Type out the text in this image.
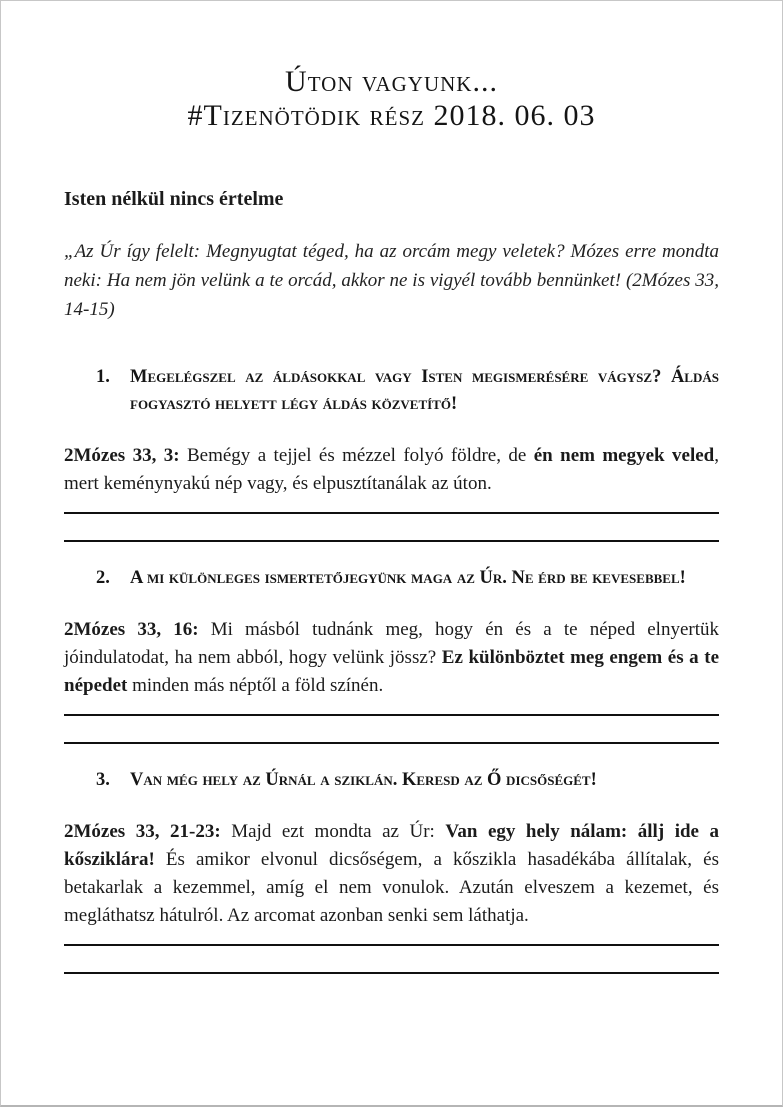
Úton vagyunk...
#Tizenötödik rész 2018. 06. 03
Isten nélkül nincs értelme

„Az Úr így felelt: Megnyugtat téged, ha az orcám megy veletek? Mózes erre mondta neki: Ha nem jön velünk a te orcád, akkor ne is vigyél tovább bennünket! (2Mózes 33, 14-15)

1. Megelégszel az áldásokkal vagy Isten megismerésére vágysz? Áldás fogyasztó helyett légy áldás közvetítő!

2Mózes 33, 3: Bemégy a tejjel és mézzel folyó földre, de én nem megyek veled, mert keménynyakú nép vagy, és elpusztítanálak az úton.

2. A mi különleges ismertetőjegyünk maga az Úr. Ne érd be kevesebbel!

2Mózes 33, 16: Mi másból tudnánk meg, hogy én és a te néped elnyertük jóindulatodat, ha nem abból, hogy velünk jössz? Ez különböztet meg engem és a te népedet minden más néptől a föld színén.

3. Van még hely az Úrnál a sziklán. Keresd az Ő dicsőségét!

2Mózes 33, 21-23: Majd ezt mondta az Úr: Van egy hely nálam: állj ide a kősziklára! És amikor elvonul dicsőségem, a kőszikla hasadékába állítalak, és betakarlak a kezemmel, amíg el nem vonulok. Azután elveszem a kezemet, és megláthatsz hátulról. Az arcomat azonban senki sem láthatja.
